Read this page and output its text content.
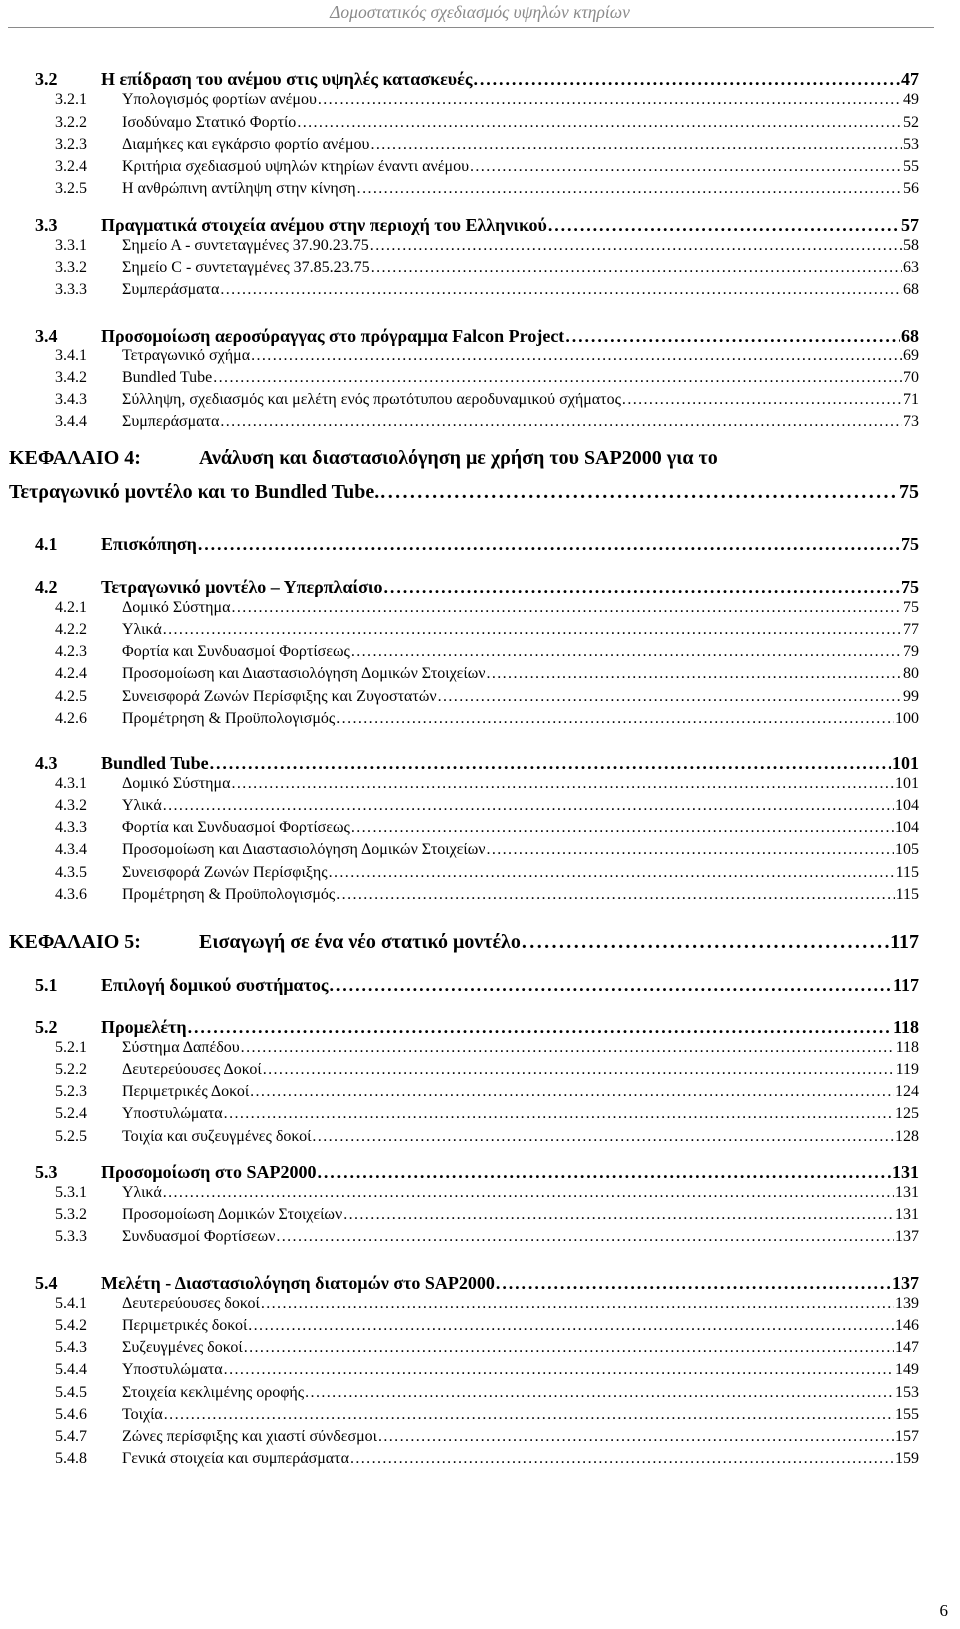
Δομοστατικός σχεδιασμός υψηλών κτηρίων
3.2	Η επίδραση του ανέμου στις υψηλές κατασκευές . . .	47
3.2.1	Υπολογισμός φορτίων ανέμου . . .	49
3.2.2	Ισοδύναμο Στατικό Φορτίο . . .	52
3.2.3	Διαμήκες και εγκάρσιο φορτίο ανέμου . . .	53
3.2.4	Κριτήρια σχεδιασμού υψηλών κτηρίων έναντι ανέμου . . .	55
3.2.5	Η ανθρώπινη αντίληψη στην κίνηση . . .	56
3.3	Πραγματικά στοιχεία ανέμου στην περιοχή του Ελληνικού . . .	57
3.3.1	Σημείο Α - συντεταγμένες 37.90.23.75 . . .	58
3.3.2	Σημείο C - συντεταγμένες 37.85.23.75 . . .	63
3.3.3	Συμπεράσματα . . .	68
3.4	Προσομοίωση αεροσύραγγας στο πρόγραμμα Falcon Project . . .	68
3.4.1	Τετραγωνικό σχήμα . . .	69
3.4.2	Bundled Tube . . .	70
3.4.3	Σύλληψη, σχεδιασμός και μελέτη ενός πρωτότυπου αεροδυναμικού σχήματος . . .	71
3.4.4	Συμπεράσματα . . .	73
ΚΕΦΑΛΑΙΟ 4:	Ανάλυση και διαστασιολόγηση με χρήση του SAP2000 για το
Τετραγωνικό μοντέλο και το Bundled Tube. . . .	75
4.1	Επισκόπηση . . .	75
4.2	Τετραγωνικό μοντέλο – Υπερπλαίσιο . . .	75
4.2.1	Δομικό Σύστημα . . .	75
4.2.2	Υλικά . . .	77
4.2.3	Φορτία και Συνδυασμοί Φορτίσεως . . .	79
4.2.4	Προσομοίωση και Διαστασιολόγηση Δομικών Στοιχείων . . .	80
4.2.5	Συνεισφορά Ζωνών Περίσφιξης και Ζυγοστατών . . .	99
4.2.6	Προμέτρηση & Προϋπολογισμός . . .	100
4.3	Bundled Tube . . .	101
4.3.1	Δομικό Σύστημα . . .	101
4.3.2	Υλικά . . .	104
4.3.3	Φορτία και Συνδυασμοί Φορτίσεως . . .	104
4.3.4	Προσομοίωση και Διαστασιολόγηση Δομικών Στοιχείων . . .	105
4.3.5	Συνεισφορά Ζωνών Περίσφιξης . . .	115
4.3.6	Προμέτρηση & Προϋπολογισμός . . .	115
ΚΕΦΑΛΑΙΟ 5:	Εισαγωγή σε ένα νέο στατικό μοντέλο . . .	117
5.1	Επιλογή δομικού συστήματος . . .	117
5.2	Προμελέτη . . .	118
5.2.1	Σύστημα Δαπέδου . . .	118
5.2.2	Δευτερεύουσες Δοκοί . . .	119
5.2.3	Περιμετρικές Δοκοί . . .	124
5.2.4	Υποστυλώματα . . .	125
5.2.5	Τοιχία και συζευγμένες δοκοί . . .	128
5.3	Προσομοίωση στο SAP2000 . . .	131
5.3.1	Υλικά . . .	131
5.3.2	Προσομοίωση Δομικών Στοιχείων . . .	131
5.3.3	Συνδυασμοί Φορτίσεων . . .	137
5.4	Μελέτη - Διαστασιολόγηση διατομών στο SAP2000 . . .	137
5.4.1	Δευτερεύουσες δοκοί . . .	139
5.4.2	Περιμετρικές δοκοί . . .	146
5.4.3	Συζευγμένες δοκοί . . .	147
5.4.4	Υποστυλώματα . . .	149
5.4.5	Στοιχεία κεκλιμένης οροφής . . .	153
5.4.6	Τοιχία . . .	155
5.4.7	Ζώνες περίσφιξης και χιαστί σύνδεσμοι . . .	157
5.4.8	Γενικά στοιχεία και συμπεράσματα . . .	159
6
